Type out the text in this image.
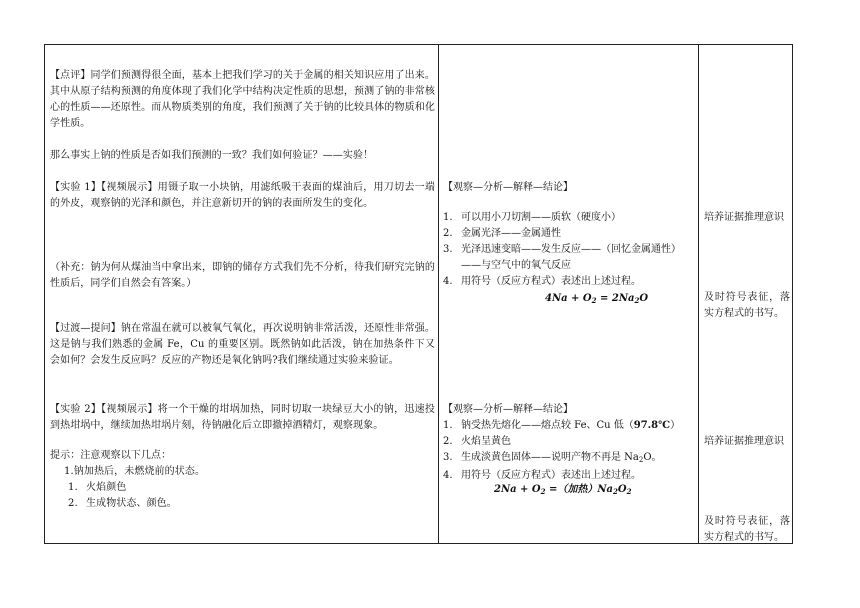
【点评】同学们预测得很全面，基本上把我们学习的关于金属的相关知识应用了出来。其中从原子结构预测的角度体现了我们化学中结构决定性质的思想，预测了钠的非常核心的性质——还原性。而从物质类别的角度，我们预测了关于钠的比较具体的物质和化学性质。

那么事实上钠的性质是否如我们预测的一致？我们如何验证？——实验！

【实验 1】【视频展示】用镊子取一小块钠，用滤纸吸干表面的煤油后，用刀切去一端的外皮，观察钠的光泽和颜色，并注意新切开的钠的表面所发生的变化。

（补充：钠为何从煤油当中拿出来，即钠的储存方式我们先不分析，待我们研究完钠的性质后，同学们自然会有答案。）

【过渡—提问】钠在常温在就可以被氧气氧化，再次说明钠非常活泼，还原性非常强。这是钠与我们熟悉的金属 Fe，Cu 的重要区别。既然钠如此活泼，钠在加热条件下又会如何？会发生反应吗？反应的产物还是氧化钠吗?我们继续通过实验来验证。

【实验 2】【视频展示】将一个干燥的坩埚加热，同时切取一块绿豆大小的钠，迅速投到热坩埚中，继续加热坩埚片刻，待钠融化后立即撤掉酒精灯，观察现象。

提示：注意观察以下几点：

1.钠加热后，未燃烧前的状态。

1. 火焰颜色
2. 生成物状态、颜色。

【观察—分析—解释—结论】

1. 可以用小刀切割——质软（硬度小）
2. 金属光泽——金属通性
3. 光泽迅速变暗——发生反应——（回忆金属通性）——与空气中的氧气反应
4. 用符号（反应方程式）表述出上述过程。

$4Na + O_2 = 2Na_2O$

【观察—分析—解释—结论】

1. 钠受热先熔化——熔点较 Fe、Cu 低（97.8℃）
2. 火焰呈黄色
3. 生成淡黄色固体——说明产物不再是 $Na_2O$。
4. 用符号（反应方程式）表述出上述过程。

$2Na + O_2$ =（加热）$Na_2O_2$

培养证据推理意识

及时符号表征，落实方程式的书写。

培养证据推理意识

及时符号表征，落实方程式的书写。
